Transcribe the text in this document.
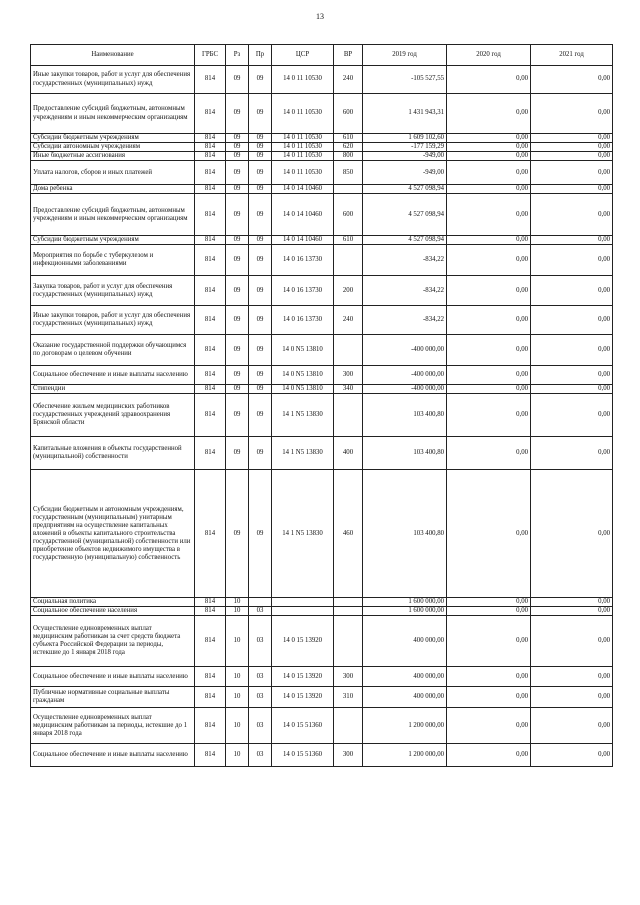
13
Наименование	ГРБС	Рз	Пр	ЦСР	ВР	2019 год	2020 год	2021 год
Иные закупки товаров, работ и услуг для обеспечения государственных (муниципальных) нужд	814	09	09	14 0 11 10530	240	-105 527,55	0,00	0,00
Предоставление субсидий бюджетным, автономным учреждениям и иным некоммерческим организациям	814	09	09	14 0 11 10530	600	1 431 943,31	0,00	0,00
Субсидии бюджетным учреждениям	814	09	09	14 0 11 10530	610	1 609 102,60	0,00	0,00
Субсидии автономным учреждениям	814	09	09	14 0 11 10530	620	-177 159,29	0,00	0,00
Иные бюджетные ассигнования	814	09	09	14 0 11 10530	800	-949,00	0,00	0,00
Уплата налогов, сборов и иных платежей	814	09	09	14 0 11 10530	850	-949,00	0,00	0,00
Дома ребенка	814	09	09	14 0 14 10460		4 527 098,94	0,00	0,00
Предоставление субсидий бюджетным, автономным учреждениям и иным некоммерческим организациям	814	09	09	14 0 14 10460	600	4 527 098,94	0,00	0,00
Субсидии бюджетным учреждениям	814	09	09	14 0 14 10460	610	4 527 098,94	0,00	0,00
Мероприятия по борьбе с туберкулезом и инфекционными заболеваниями	814	09	09	14 0 16 13730		-834,22	0,00	0,00
Закупка товаров, работ и услуг для обеспечения государственных (муниципальных) нужд	814	09	09	14 0 16 13730	200	-834,22	0,00	0,00
Иные закупки товаров, работ и услуг для обеспечения государственных (муниципальных) нужд	814	09	09	14 0 16 13730	240	-834,22	0,00	0,00
Оказание государственной поддержки обучающимся по договорам о целевом обучении	814	09	09	14 0 N5 13810		-400 000,00	0,00	0,00
Социальное обеспечение и иные выплаты населению	814	09	09	14 0 N5 13810	300	-400 000,00	0,00	0,00
Стипендии	814	09	09	14 0 N5 13810	340	-400 000,00	0,00	0,00
Обеспечение жильем медицинских работников государственных учреждений здравоохранения Брянской области	814	09	09	14 1 N5 13830		103 400,80	0,00	0,00
Капитальные вложения в объекты государственной (муниципальной) собственности	814	09	09	14 1 N5 13830	400	103 400,80	0,00	0,00
Субсидии бюджетным и автономным учреждениям, государственным (муниципальным) унитарным предприятиям на осуществление капитальных вложений в объекты капитального строительства государственной (муниципальной) собственности или приобретение объектов недвижимого имущества в государственную (муниципальную) собственность	814	09	09	14 1 N5 13830	460	103 400,80	0,00	0,00
Социальная политика	814	10				1 600 000,00	0,00	0,00
Социальное обеспечение населения	814	10	03			1 600 000,00	0,00	0,00
Осуществление единовременных выплат медицинским работникам за счет средств бюджета субъекта Российской Федерации за периоды, истекшие до 1 января 2018 года	814	10	03	14 0 15 13920		400 000,00	0,00	0,00
Социальное обеспечение и иные выплаты населению	814	10	03	14 0 15 13920	300	400 000,00	0,00	0,00
Публичные нормативные социальные выплаты гражданам	814	10	03	14 0 15 13920	310	400 000,00	0,00	0,00
Осуществление единовременных выплат медицинским работникам за периоды, истекшие до 1 января 2018 года	814	10	03	14 0 15 51360		1 200 000,00	0,00	0,00
Социальное обеспечение и иные выплаты населению	814	10	03	14 0 15 51360	300	1 200 000,00	0,00	0,00
